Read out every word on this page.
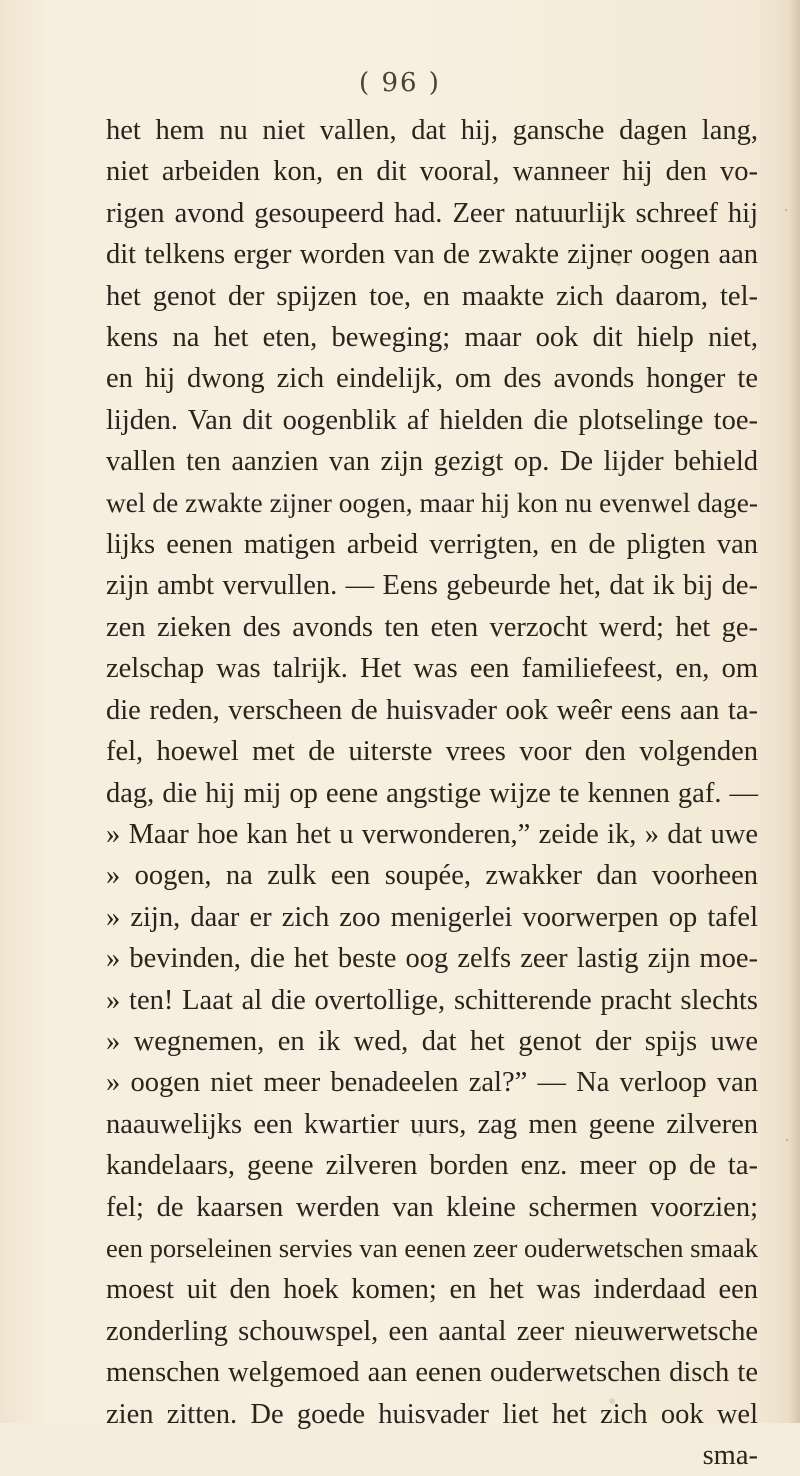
( 96 )
het hem nu niet vallen, dat hij, gansche dagen lang,
niet arbeiden kon, en dit vooral, wanneer hij den vo-
rigen avond gesoupeerd had. Zeer natuurlijk schreef hij
dit telkens erger worden van de zwakte zijner oogen aan
het genot der spijzen toe, en maakte zich daarom, tel-
kens na het eten, beweging; maar ook dit hielp niet,
en hij dwong zich eindelijk, om des avonds honger te
lijden. Van dit oogenblik af hielden die plotselinge toe-
vallen ten aanzien van zijn gezigt op. De lijder behield
wel de zwakte zijner oogen, maar hij kon nu evenwel dage-
lijks eenen matigen arbeid verrigten, en de pligten van
zijn ambt vervullen. — Eens gebeurde het, dat ik bij de-
zen zieken des avonds ten eten verzocht werd; het ge-
zelschap was talrijk. Het was een familiefeest, en, om
die reden, verscheen de huisvader ook weêr eens aan ta-
fel, hoewel met de uiterste vrees voor den volgenden
dag, die hij mij op eene angstige wijze te kennen gaf. —
» Maar hoe kan het u verwonderen,” zeide ik, » dat uwe
» oogen, na zulk een soupée, zwakker dan voorheen
» zijn, daar er zich zoo menigerlei voorwerpen op tafel
» bevinden, die het beste oog zelfs zeer lastig zijn moe-
» ten! Laat al die overtollige, schitterende pracht slechts
» wegnemen, en ik wed, dat het genot der spijs uwe
» oogen niet meer benadeelen zal?” — Na verloop van
naauwelijks een kwartier uurs, zag men geene zilveren
kandelaars, geene zilveren borden enz. meer op de ta-
fel; de kaarsen werden van kleine schermen voorzien;
een porseleinen servies van eenen zeer ouderwetschen smaak
moest uit den hoek komen; en het was inderdaad een
zonderling schouwspel, een aantal zeer nieuwerwetsche
menschen welgemoed aan eenen ouderwetschen disch te
zien zitten. De goede huisvader liet het zich ook wel
sma-
